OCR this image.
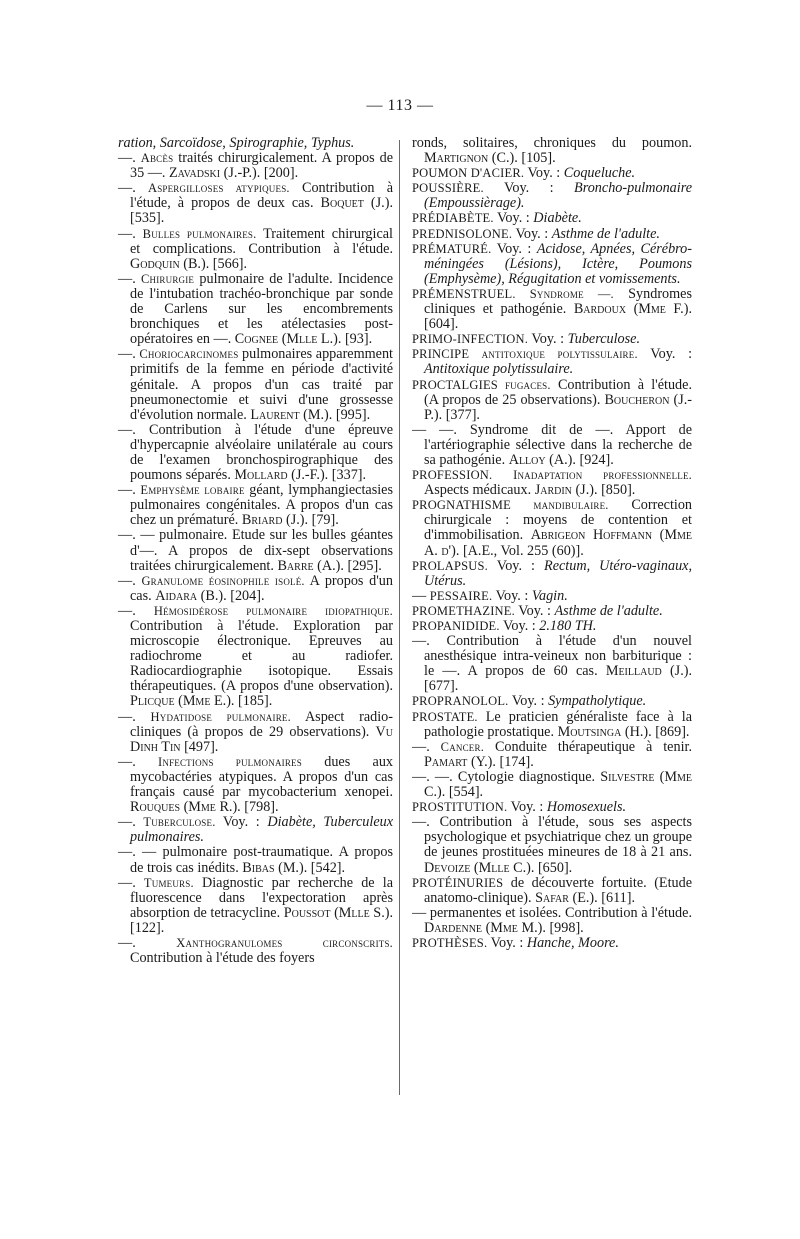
— 113 —

ration, Sarcoïdose, Spirographie, Typhus.

—. Abcès traités chirurgicalement. A propos de 35 —. Zavadski (J.-P.). [200].

—. Aspergilloses atypiques. Contribution à l'étude, à propos de deux cas. Boquet (J.). [535].

—. Bulles pulmonaires. Traitement chirurgical et complications. Contribution à l'étude. Godquin (B.). [566].

—. Chirurgie pulmonaire de l'adulte. Incidence de l'intubation trachéo-bronchique par sonde de Carlens sur les encombrements bronchiques et les atélectasies post-opératoires en —. Cognee (Mlle L.). [93].

—. Choriocarcinomes pulmonaires apparemment primitifs de la femme en période d'activité génitale. A propos d'un cas traité par pneumonectomie et suivi d'une grossesse d'évolution normale. Laurent (M.). [995].

—. Contribution à l'étude d'une épreuve d'hypercapnie alvéolaire unilatérale au cours de l'examen bronchospirographique des poumons séparés. Mollard (J.-F.). [337].

—. Emphysème lobaire géant, lymphangiectasies pulmonaires congénitales. A propos d'un cas chez un prématuré. Briard (J.). [79].

—. — pulmonaire. Etude sur les bulles géantes d'—. A propos de dix-sept observations traitées chirurgicalement. Barre (A.). [295].

—. Granulome éosinophile isolé. A propos d'un cas. Aidara (B.). [204].

—. Hémosidérose pulmonaire idiopathique. Contribution à l'étude. Exploration par microscopie électronique. Epreuves au radiochrome et au radiofer. Radiocardiographie isotopique. Essais thérapeutiques. (A propos d'une observation). Plicque (Mme E.). [185].

—. Hydatidose pulmonaire. Aspect radio-cliniques (à propos de 29 observations). Vu Dinh Tin [497].

—. Infections pulmonaires dues aux mycobactéries atypiques. A propos d'un cas français causé par mycobacterium xenopei. Rouques (Mme R.). [798].

—. Tuberculose. Voy. : Diabète, Tuberculeux pulmonaires.

—. — pulmonaire post-traumatique. A propos de trois cas inédits. Bibas (M.). [542].

—. Tumeurs. Diagnostic par recherche de la fluorescence dans l'expectoration après absorption de tetracycline. Poussot (Mlle S.). [122].

—.	Xanthogranulomes circonscrits. Contribution à l'étude des foyers

ronds, solitaires, chroniques du poumon. Martignon (C.). [105].

POUMON D'ACIER. Voy. : Coqueluche.

POUSSIÈRE. Voy. : Broncho-pulmonaire (Empoussièrage).

PRÉDIABÈTE. Voy. : Diabète.

PREDNISOLONE. Voy. : Asthme de l'adulte.

PRÉMATURÉ. Voy. : Acidose, Apnées, Cérébro-méningées (Lésions), Ictère, Poumons (Emphysème), Régugitation et vomissements.

PRÉMENSTRUEL. Syndrome —. Syndromes cliniques et pathogénie. Bardoux (Mme F.). [604].

PRIMO-INFECTION. Voy. : Tuberculose.

PRINCIPE antitoxique polytissulaire. Voy. : Antitoxique polytissulaire.

PROCTALGIES fugaces. Contribution à l'étude. (A propos de 25 observations). Boucheron (J.-P.). [377].

— —. Syndrome dit de —. Apport de l'artériographie sélective dans la recherche de sa pathogénie. Alloy (A.). [924].

PROFESSION. Inadaptation professionnelle. Aspects médicaux. Jardin (J.). [850].

PROGNATHISME mandibulaire. Correction chirurgicale : moyens de contention et d'immobilisation. Abrigeon Hoffmann (Mme A. d'). [A.E., Vol. 255 (60)].

PROLAPSUS. Voy. : Rectum, Utéro-vaginaux, Utérus.

— PESSAIRE. Voy. : Vagin.

PROMETHAZINE. Voy. : Asthme de l'adulte.

PROPANIDIDE. Voy. : 2.180 TH.

—. Contribution à l'étude d'un nouvel anesthésique intra-veineux non barbiturique : le —. A propos de 60 cas. Meillaud (J.). [677].

PROPRANOLOL. Voy. : Sympatholytique.

PROSTATE. Le praticien généraliste face à la pathologie prostatique. Moutsinga (H.). [869].

—. Cancer. Conduite thérapeutique à tenir. Pamart (Y.). [174].

—. —. Cytologie diagnostique. Silvestre (Mme C.). [554].

PROSTITUTION. Voy. : Homosexuels.

—. Contribution à l'étude, sous ses aspects psychologique et psychiatrique chez un groupe de jeunes prostituées mineures de 18 à 21 ans. Devoize (Mlle C.). [650].

PROTÉINURIES de découverte fortuite. (Etude anatomo-clinique). Safar (E.). [611].

— permanentes et isolées. Contribution à l'étude. Dardenne (Mme M.). [998].

PROTHÈSES. Voy. : Hanche, Moore.
